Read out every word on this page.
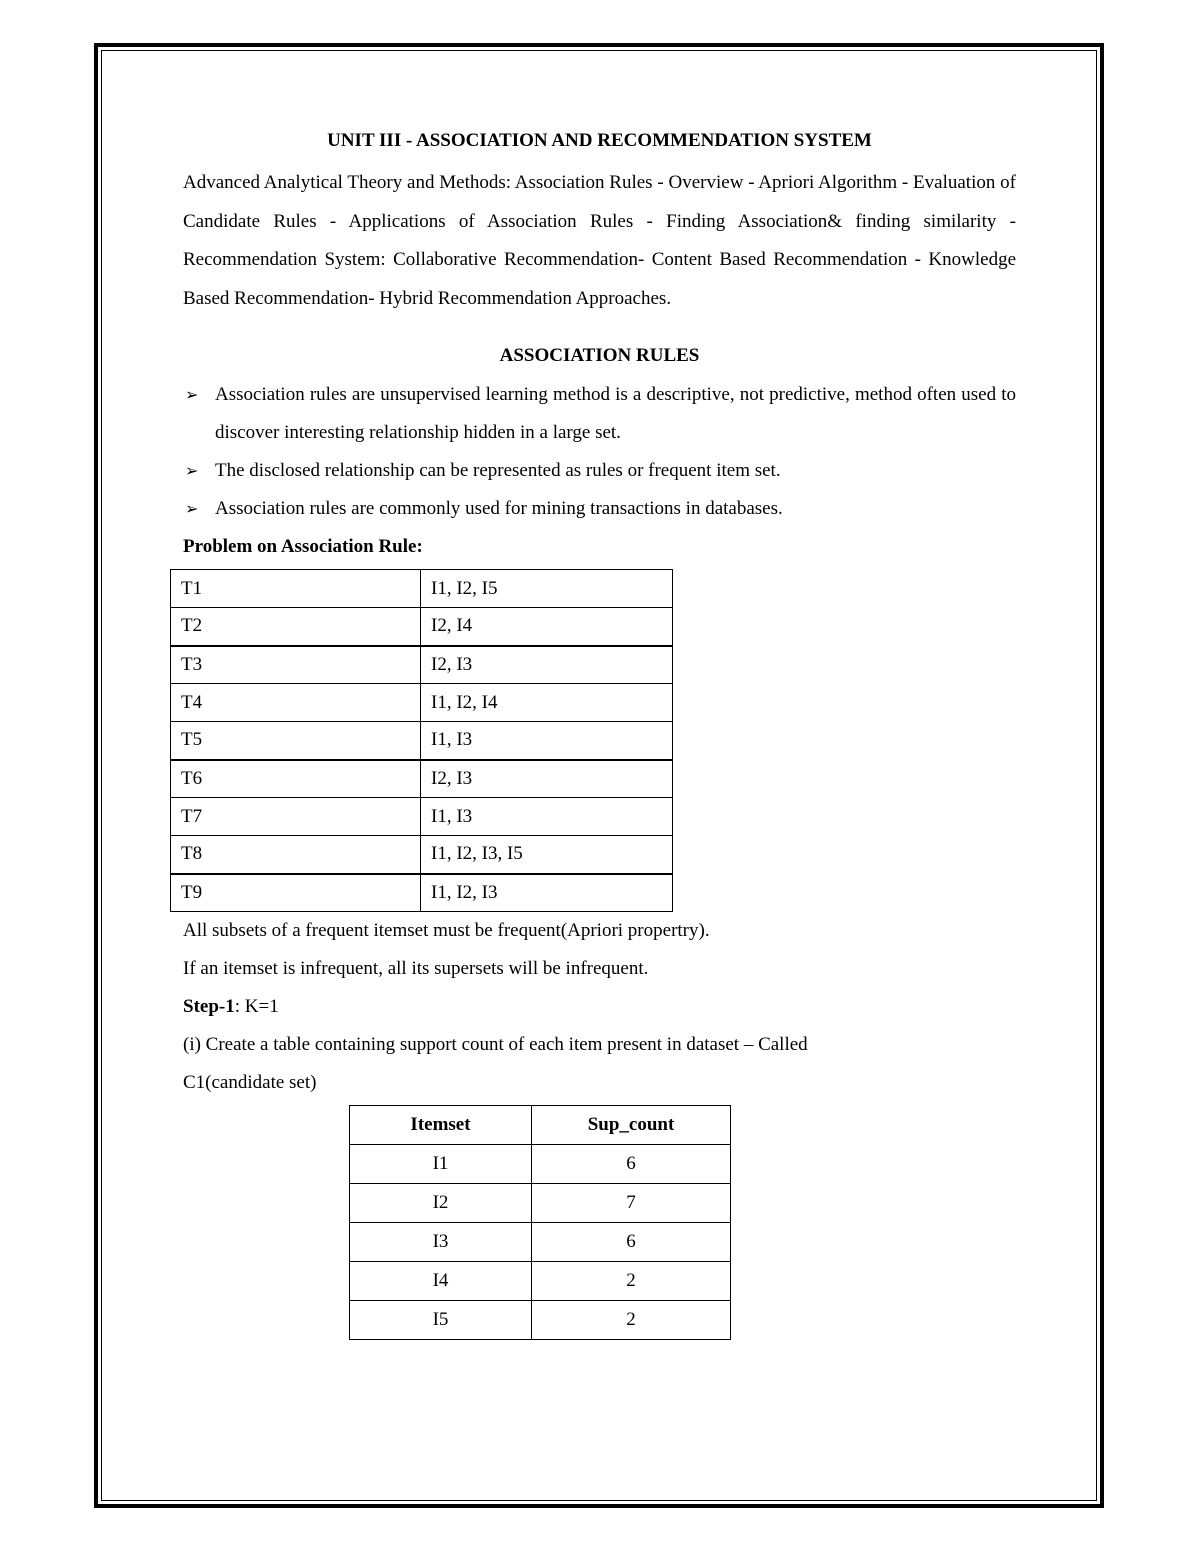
UNIT III - ASSOCIATION AND RECOMMENDATION SYSTEM

Advanced Analytical Theory and Methods: Association Rules - Overview - Apriori Algorithm - Evaluation of Candidate Rules - Applications of Association Rules - Finding Association& finding similarity - Recommendation System: Collaborative Recommendation- Content Based Recommendation - Knowledge Based Recommendation- Hybrid Recommendation Approaches.

ASSOCIATION RULES
➢ Association rules are unsupervised learning method is a descriptive, not predictive, method often used to discover interesting relationship hidden in a large set.
➢ The disclosed relationship can be represented as rules or frequent item set.
➢ Association rules are commonly used for mining transactions in databases.

Problem on Association Rule:

T1	I1, I2, I5
T2	I2, I4
T3	I2, I3
T4	I1, I2, I4
T5	I1, I3
T6	I2, I3
T7	I1, I3
T8	I1, I2, I3, I5
T9	I1, I2, I3

All subsets of a frequent itemset must be frequent(Apriori propertry).

If an itemset is infrequent, all its supersets will be infrequent.

Step-1: K=1

(i) Create a table containing support count of each item present in dataset – Called

C1(candidate set)

Itemset	Sup_count
I1	6
I2	7
I3	6
I4	2
I5	2
